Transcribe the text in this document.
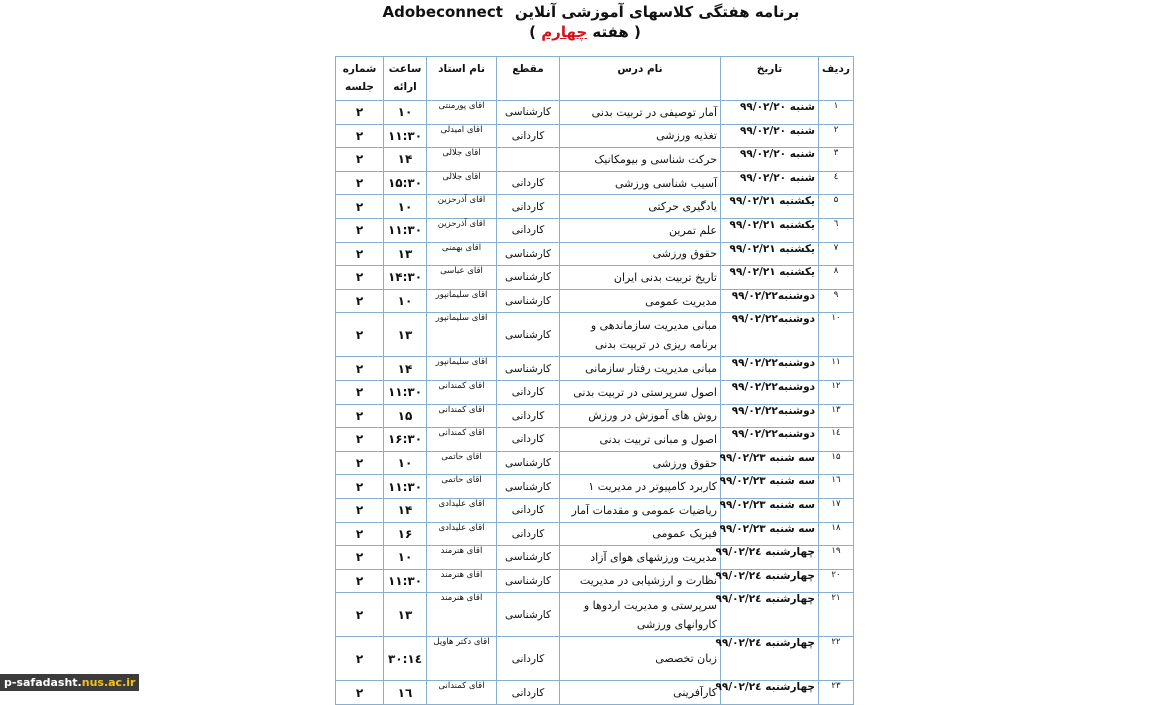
برنامه هفتگی کلاسهای آموزشی آنلاینAdobeconnect
( هفته چهارم )
ردیف	تاریخ	نام درس	مقطع	نام استاد	ساعت ارائه	شماره جلسه
۱	شنبه ۹۹/۰۲/۲۰	آمار توصیفی در تربیت بدنی	کارشناسی	اقای پورمنتی	۱۰	۲
۲	شنبه ۹۹/۰۲/۲۰	تغذیه ورزشی	کاردانی	اقای امیدلی	۱۱:۳۰	۲
۳	شنبه ۹۹/۰۲/۲۰	حرکت شناسی و بیومکانیک		اقای جلالی	۱۴	۲
٤	شنبه ۹۹/۰۲/۲۰	آسیب شناسی ورزشی	کاردانی	اقای جلالی	۱۵:۳۰	۲
۵	یکشنبه ۹۹/۰۲/۲۱	یادگیری حرکتی	کاردانی	اقای آذرحزین	۱۰	۲
٦	یکشنبه ۹۹/۰۲/۲۱	علم تمرین	کاردانی	اقای آذرحزین	۱۱:۳۰	۲
۷	یکشنبه ۹۹/۰۲/۲۱	حقوق ورزشی	کارشناسی	اقای بهمنی	۱۳	۲
۸	یکشنبه ۹۹/۰۲/۲۱	تاریخ تربیت بدنی ایران	کارشناسی	اقای عباسی	۱۴:۳۰	۲
۹	دوشنبه۹۹/۰۲/۲۲	مدیریت عمومی	کارشناسی	اقای سلیمانپور	۱۰	۲
۱۰	دوشنبه۹۹/۰۲/۲۲	مبانی مدیریت سازماندهی و برنامه ریزی در تربیت بدنی	کارشناسی	اقای سلیمانپور	۱۳	۲
۱۱	دوشنبه۹۹/۰۲/۲۲	مبانی مدیریت رفتار سازمانی	کارشناسی	اقای سلیمانپور	۱۴	۲
۱۲	دوشنبه۹۹/۰۲/۲۲	اصول سرپرستی در تربیت بدنی	کاردانی	اقای کمندانی	۱۱:۳۰	۲
۱۳	دوشنبه۹۹/۰۲/۲۲	روش های آموزش در ورزش	کاردانی	اقای کمندانی	۱۵	۲
۱٤	دوشنبه۹۹/۰۲/۲۲	اصول و مبانی تربیت بدنی	کاردانی	اقای کمندانی	۱۶:۳۰	۲
۱۵	سه شنبه ۹۹/۰۲/۲۳	حقوق ورزشی	کارشناسی	اقای حاتمی	۱۰	۲
۱٦	سه شنبه ۹۹/۰۲/۲۳	کاربرد کامپیوتر در مدیریت ۱	کارشناسی	اقای حاتمی	۱۱:۳۰	۲
۱۷	سه شنبه ۹۹/۰۲/۲۳	ریاضیات عمومی و مقدمات آمار	کاردانی	اقای علیدادی	۱۴	۲
۱۸	سه شنبه ۹۹/۰۲/۲۳	فیزیک عمومی	کاردانی	اقای علیدادی	۱۶	۲
۱۹	چهارشنبه ۹۹/۰۲/۲٤	مدیریت ورزشهای هوای آزاد	کارشناسی	اقای هنرمند	۱۰	۲
۲۰	چهارشنبه ۹۹/۰۲/۲٤	نظارت و ارزشیابی در مدیریت	کارشناسی	اقای هنرمند	۱۱:۳۰	۲
۲۱	چهارشنبه ۹۹/۰۲/۲٤	سرپرستی و مدیریت اردوها و کاروانهای ورزشی	کارشناسی	اقای هنرمند	۱۳	۲
۲۲	چهارشنبه ۹۹/۰۲/۲٤	زبان تخصصی	کاردانی	اقای دکتر هاویل	۱٤:۳۰	۲
۲۳	چهارشنبه ۹۹/۰۲/۲٤	کارآفرینی	کاردانی	اقای کمندانی	۱٦	۲
p-safadasht.nus.ac.ir
